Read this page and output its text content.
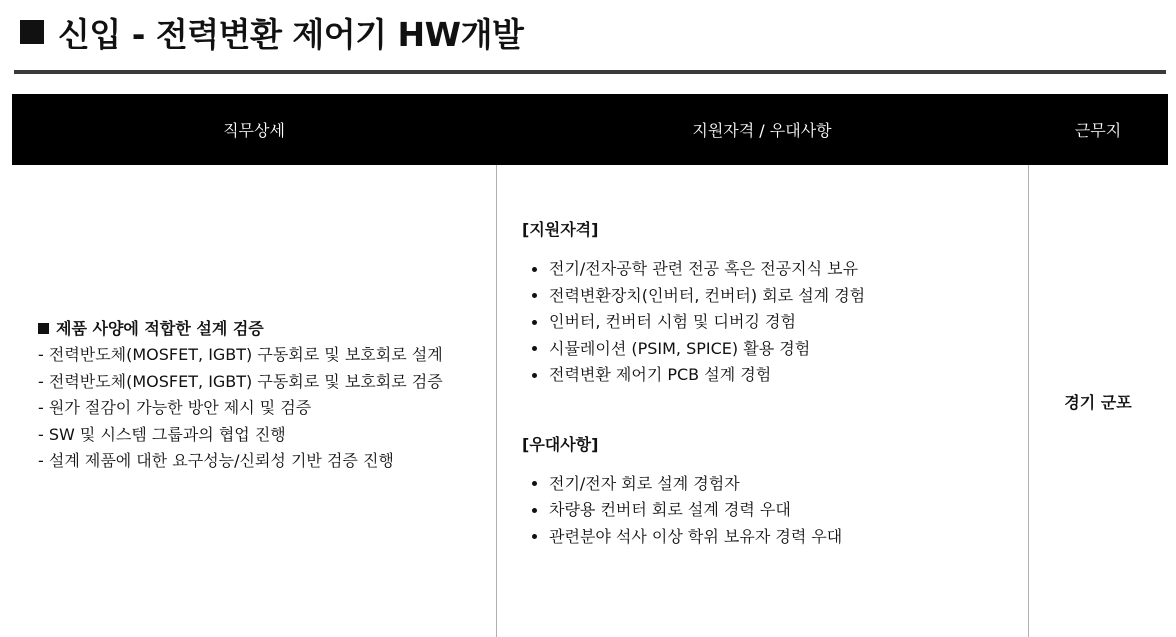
신입 - 전력변환 제어기 HW개발
직무상세	지원자격 / 우대사항	근무지
제품 사양에 적합한 설계 검증
- 전력반도체(MOSFET, IGBT) 구동회로 및 보호회로 설계
- 전력반도체(MOSFET, IGBT) 구동회로 및 보호회로 검증
- 원가 절감이 가능한 방안 제시 및 검증
- SW 및 시스템 그룹과의 협업 진행
- 설계 제품에 대한 요구성능/신뢰성 기반 검증 진행
[지원자격]
전기/전자공학 관련 전공 혹은 전공지식 보유
전력변환장치(인버터, 컨버터) 회로 설계 경험
인버터, 컨버터 시험 및 디버깅 경험
시뮬레이션 (PSIM, SPICE) 활용 경험
전력변환 제어기 PCB 설계 경험
[우대사항]
전기/전자 회로 설계 경험자
차량용 컨버터 회로 설계 경력 우대
관련분야 석사 이상 학위 보유자 경력 우대
경기 군포
